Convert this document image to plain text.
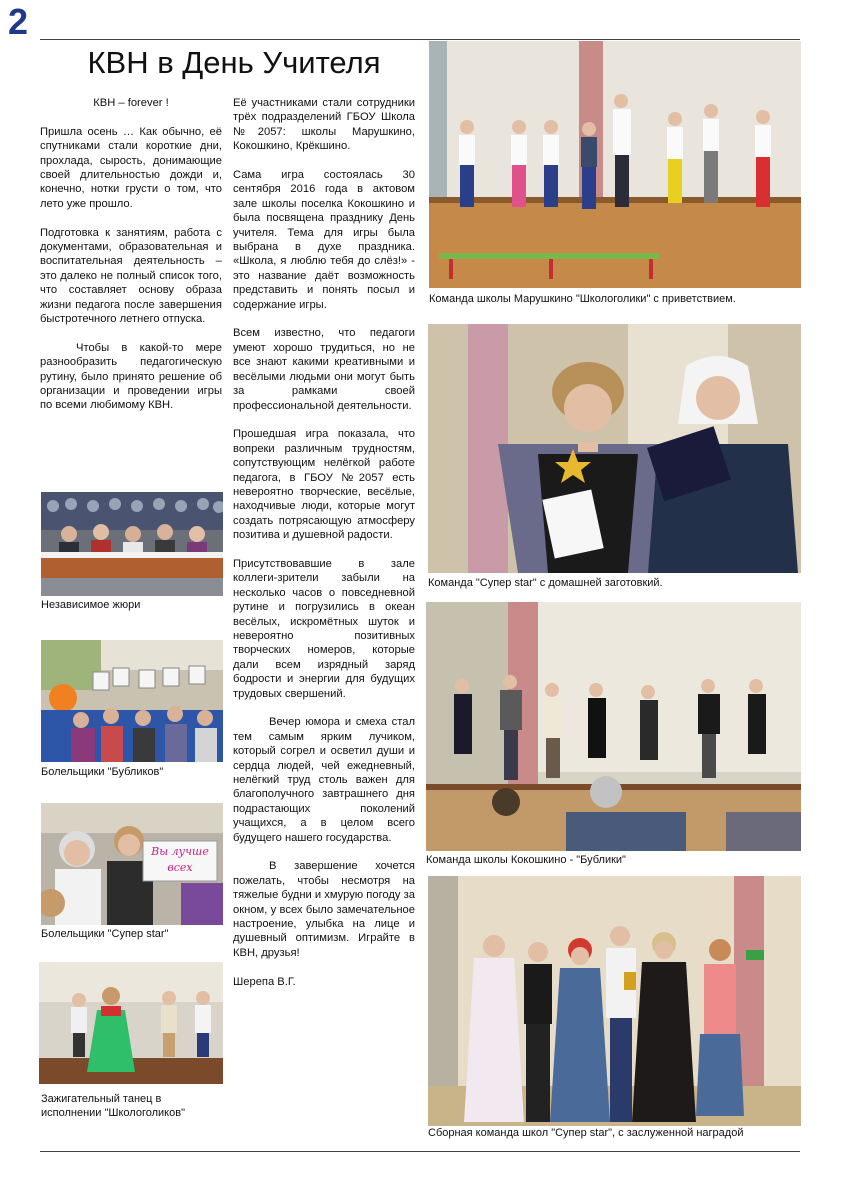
2
КВН в День Учителя

КВН – forever !

Пришла осень … Как обычно, её спутниками стали короткие дни, прохлада, сырость, донимающие своей длительностью дожди и, конечно, нотки грусти о том, что лето уже прошло.

Подготовка к занятиям, работа с документами, образовательная и воспитательная деятельность – это далеко не полный список того, что составляет основу образа жизни педагога после завершения быстротечного летнего отпуска.

Чтобы в какой-то мере разнообразить педагогическую рутину, было принято решение об организации и проведении игры по всеми любимому КВН.

Её участниками стали сотрудники трёх подразделений ГБОУ Школа №2057: школы Марушкино, Кокошкино, Крёкшино.

Сама игра состоялась 30 сентября 2016 года в актовом зале школы поселка Кокошкино и была посвящена празднику День учителя. Тема для игры была выбрана в духе праздника. «Школа, я люблю тебя до слёз!» - это название даёт возможность представить и понять посыл и содержание игры.

Всем известно, что педагоги умеют хорошо трудиться, но не все знают какими креативными и весёлыми людьми они могут быть за рамками своей профессиональной деятельности.

Прошедшая игра показала, что вопреки различным трудностям, сопутствующим нелёгкой работе педагога, в ГБОУ №2057 есть невероятно творческие, весёлые, находчивые люди, которые могут создать потрясающую атмосферу позитива и душевной радости.

Присутствовавшие в зале коллеги-зрители забыли на несколько часов о повседневной рутине и погрузились в океан весёлых, искромётных шуток и невероятно позитивных творческих номеров, которые дали всем изрядный заряд бодрости и энергии для будущих трудовых свершений.

Вечер юмора и смеха стал тем самым ярким лучиком, который согрел и осветил души и сердца людей, чей ежедневный, нелёгкий труд столь важен для благополучного завтрашнего дня подрастающих поколений учащихся, а в целом всего будущего нашего государства.

В завершение хочется пожелать, чтобы несмотря на тяжелые будни и хмурую погоду за окном, у всех было замечательное настроение, улыбка на лице и душевный оптимизм. Играйте в КВН, друзья!

Шерепа В.Г.

Независимое жюри
Болельщики "Бубликов"
Вы лучше
всех
Болельщики "Супер star"
Зажигательный танец в исполнении "Школоголиков"
Команда школы Марушкино "Школоголики" с приветствием.
Команда "Супер star" с домашней заготовкий.
Команда школы Кокошкино - "Бублики"
Сборная команда школ "Супер star", с заслуженной наградой
